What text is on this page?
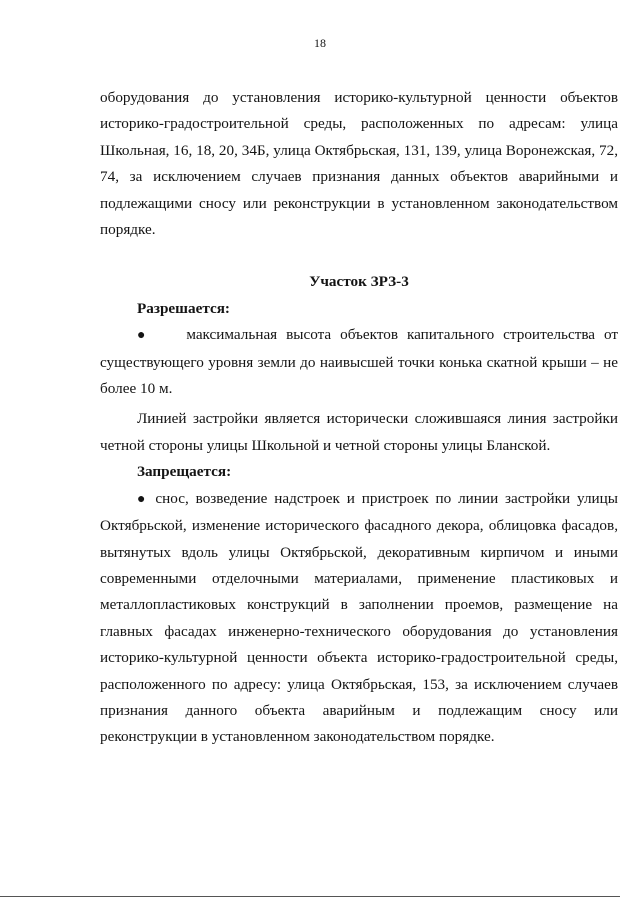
18

оборудования до установления историко-культурной ценности объектов историко-градостроительной среды, расположенных по адресам: улица Школьная, 16, 18, 20, 34Б, улица Октябрьская, 131, 139, улица Воронежская, 72, 74, за исключением случаев признания данных объектов аварийными и подлежащими сносу или реконструкции в установленном законодательством порядке.

Участок ЗРЗ-3

Разрешается:

● максимальная высота объектов капитального строительства от существующего уровня земли до наивысшей точки конька скатной крыши – не более 10 м.

Линией застройки является исторически сложившаяся линия застройки четной стороны улицы Школьной и четной стороны улицы Бланской.

Запрещается:

● снос, возведение надстроек и пристроек по линии застройки улицы Октябрьской, изменение исторического фасадного декора, облицовка фасадов, вытянутых вдоль улицы Октябрьской, декоративным кирпичом и иными современными отделочными материалами, применение пластиковых и металлопластиковых конструкций в заполнении проемов, размещение на главных фасадах инженерно-технического оборудования до установления историко-культурной ценности объекта историко-градостроительной среды, расположенного по адресу: улица Октябрьская, 153, за исключением случаев признания данного объекта аварийным и подлежащим сносу или реконструкции в установленном законодательством порядке.
